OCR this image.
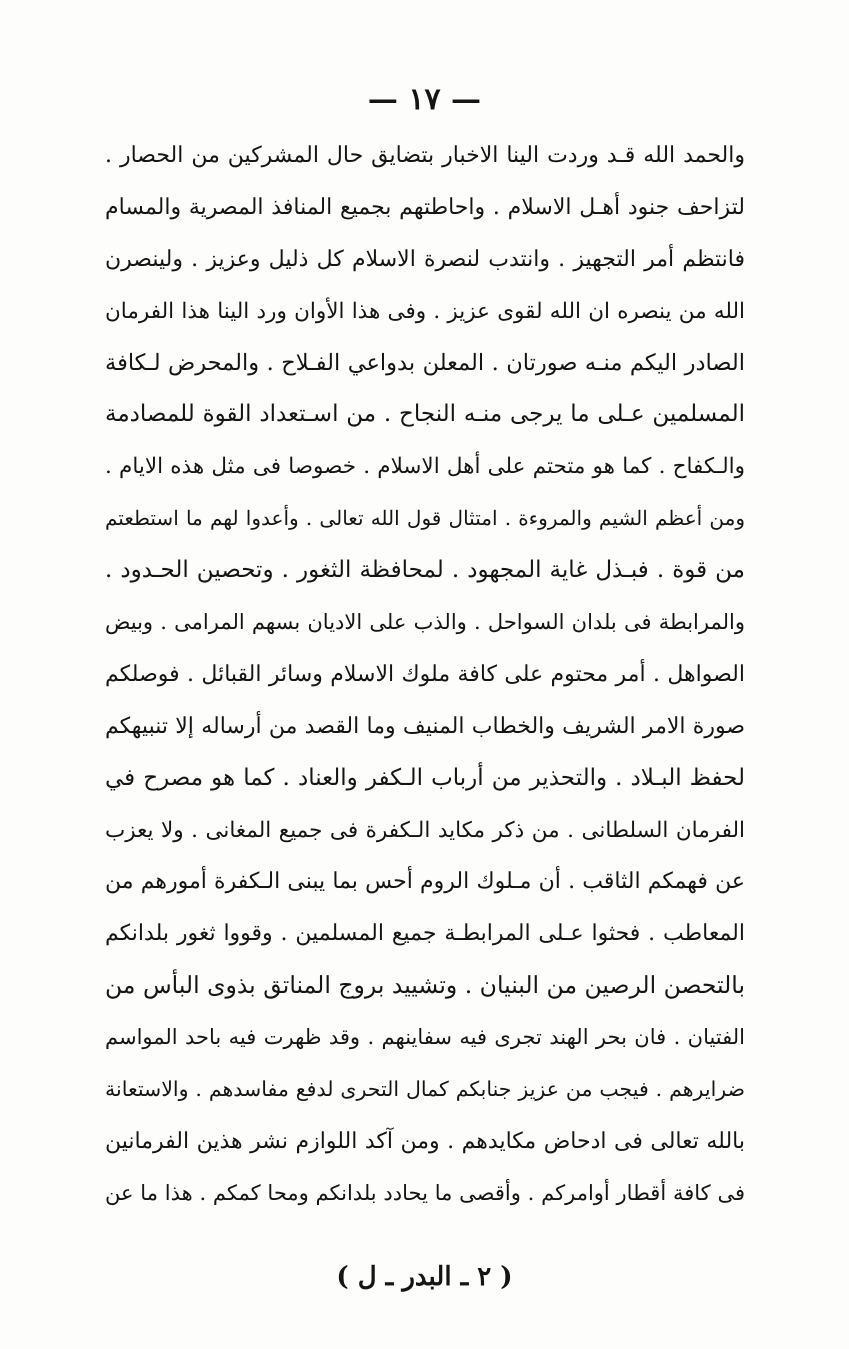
— ١٧ —
والحمد الله قـد وردت الينا الاخبار بتضايق حال المشركين من الحصار .
لتزاحف جنود أهـل الاسلام . واحاطتهم بجميع المنافذ المصرية والمسام
فانتظم أمر التجهيز . وانتدب لنصرة الاسلام كل ذليل وعزيز . ولينصرن
الله من ينصره ان الله لقوى عزيز . وفى هذا الأوان ورد الينا هذا الفرمان
الصادر اليكم منـه صورتان . المعلن بدواعي الفـلاح . والمحرض لـكافة
المسلمين عـلى ما يرجى منـه النجاح . من اسـتعداد القوة للمصادمة
والـكفاح . كما هو متحتم على أهل الاسلام . خصوصا فى مثل هذه الايام .
ومن أعظم الشيم والمروءة . امتثال قول الله تعالى . وأعدوا لهم ما استطعتم
من قوة . فبـذل غاية المجهود . لمحافظة الثغور . وتحصين الحـدود .
والمرابطة فى بلدان السواحل . والذب على الاديان بسهم المرامى . وبيض
الصواهل . أمر محتوم على كافة ملوك الاسلام وسائر القبائل . فوصلكم
صورة الامر الشريف والخطاب المنيف وما القصد من أرساله إلا تنبيهكم
لحفظ البـلاد . والتحذير من أرباب الـكفر والعناد . كما هو مصرح في
الفرمان السلطانى . من ذكر مكايد الـكفرة فى جميع المغانى . ولا يعزب
عن فهمكم الثاقب . أن مـلوك الروم أحس بما يبنى الـكفرة أمورهم من
المعاطب . فحثوا عـلى المرابطـة جميع المسلمين . وقووا ثغور بلدانكم
بالتحصن الرصين من البنيان . وتشييد بروج المناتق بذوى البأس من
الفتيان . فان بحر الهند تجرى فيه سفاينهم . وقد ظهرت فيه باحد المواسم
ضرايرهم . فيجب من عزيز جنابكم كمال التحرى لدفع مفاسدهم . والاستعانة
بالله تعالى فى ادحاض مكايدهم . ومن آكد اللوازم نشر هذين الفرمانين
فى كافة أقطار أوامركم . وأقصى ما يحادد بلدانكم ومحا كمكم . هذا ما عن
( ٢ ـ البدر ـ ل )
